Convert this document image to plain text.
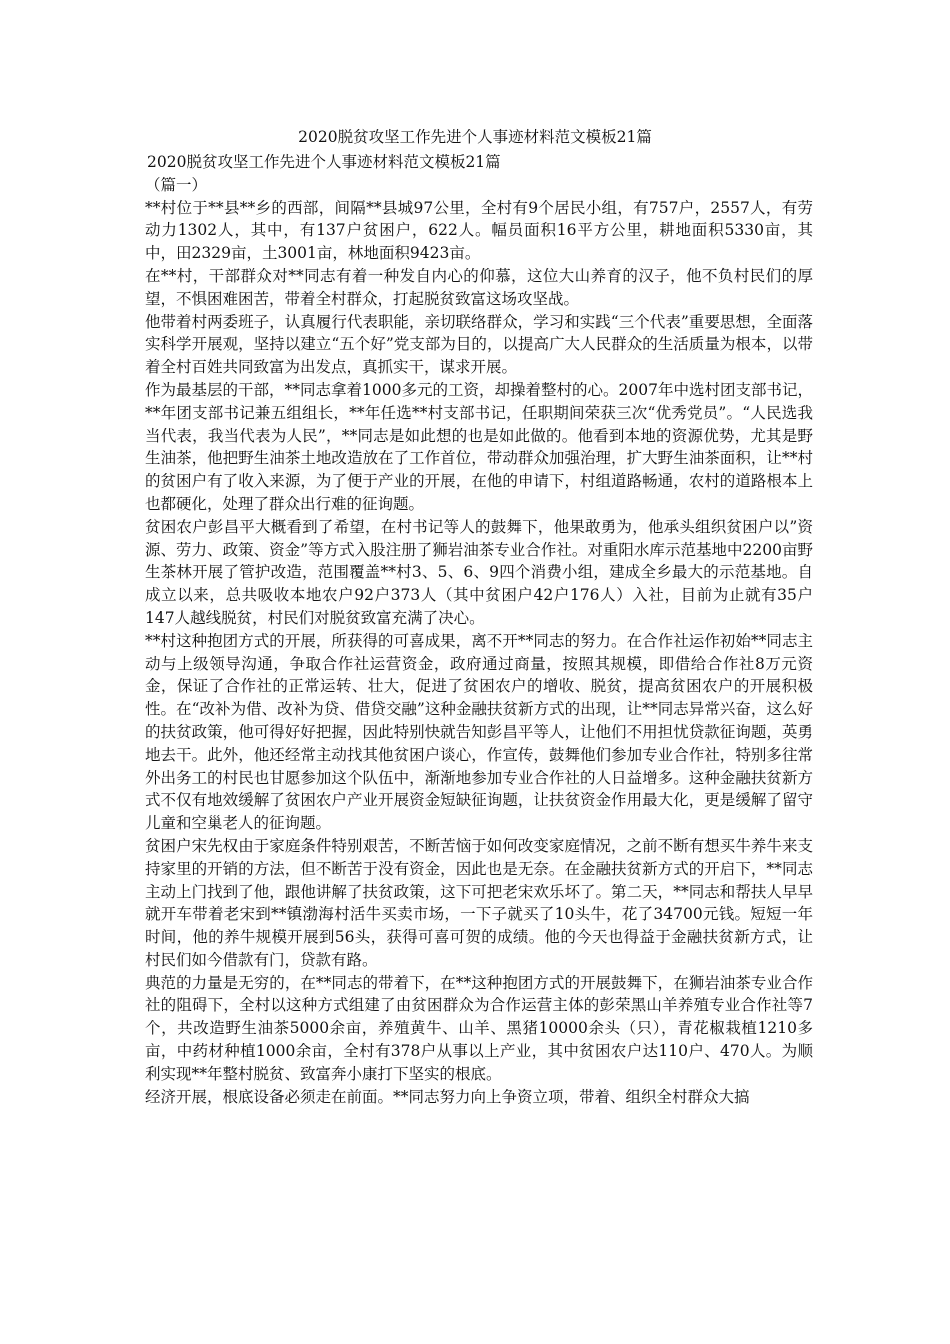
2020脱贫攻坚工作先进个人事迹材料范文模板21篇

2020脱贫攻坚工作先进个人事迹材料范文模板21篇

（篇一）

**村位于**县**乡的西部，间隔**县城97公里，全村有9个居民小组，有757户，2557人，有劳动力1302人，其中，有137户贫困户，622人。幅员面积16平方公里，耕地面积5330亩，其中，田2329亩，土3001亩，林地面积9423亩。

在**村，干部群众对**同志有着一种发自内心的仰慕，这位大山养育的汉子，他不负村民们的厚望，不惧困难困苦，带着全村群众，打起脱贫致富这场攻坚战。

他带着村两委班子，认真履行代表职能，亲切联络群众，学习和实践“三个代表”重要思想，全面落实科学开展观，坚持以建立“五个好”党支部为目的，以提高广大人民群众的生活质量为根本，以带着全村百姓共同致富为出发点，真抓实干，谋求开展。

作为最基层的干部，**同志拿着1000多元的工资，却操着整村的心。2007年中选村团支部书记，**年团支部书记兼五组组长，**年任选**村支部书记，任职期间荣获三次“优秀党员”。“人民选我当代表，我当代表为人民”，**同志是如此想的也是如此做的。他看到本地的资源优势，尤其是野生油茶，他把野生油茶土地改造放在了工作首位，带动群众加强治理，扩大野生油茶面积，让**村的贫困户有了收入来源，为了便于产业的开展，在他的申请下，村组道路畅通，农村的道路根本上也都硬化，处理了群众出行难的征询题。

贫困农户彭昌平大概看到了希望，在村书记等人的鼓舞下，他果敢勇为，他承头组织贫困户以”资源、劳力、政策、资金”等方式入股注册了狮岩油茶专业合作社。对重阳水库示范基地中2200亩野生茶林开展了管护改造，范围覆盖**村3、5、6、9四个消费小组，建成全乡最大的示范基地。自成立以来，总共吸收本地农户92户373人（其中贫困户42户176人）入社，目前为止就有35户147人越线脱贫，村民们对脱贫致富充满了决心。

**村这种抱团方式的开展，所获得的可喜成果，离不开**同志的努力。在合作社运作初始**同志主动与上级领导沟通，争取合作社运营资金，政府通过商量，按照其规模，即借给合作社8万元资金，保证了合作社的正常运转、壮大，促进了贫困农户的增收、脱贫，提高贫困农户的开展积极性。在“改补为借、改补为贷、借贷交融”这种金融扶贫新方式的出现，让**同志异常兴奋，这么好的扶贫政策，他可得好好把握，因此特别快就告知彭昌平等人，让他们不用担忧贷款征询题，英勇地去干。此外，他还经常主动找其他贫困户谈心，作宣传，鼓舞他们参加专业合作社，特别多往常外出务工的村民也甘愿参加这个队伍中，渐渐地参加专业合作社的人日益增多。这种金融扶贫新方式不仅有地效缓解了贫困农户产业开展资金短缺征询题，让扶贫资金作用最大化，更是缓解了留守儿童和空巢老人的征询题。

贫困户宋先权由于家庭条件特别艰苦，不断苦恼于如何改变家庭情况，之前不断有想买牛养牛来支持家里的开销的方法，但不断苦于没有资金，因此也是无奈。在金融扶贫新方式的开启下，**同志主动上门找到了他，跟他讲解了扶贫政策，这下可把老宋欢乐坏了。第二天，**同志和帮扶人早早就开车带着老宋到**镇渤海村活牛买卖市场，一下子就买了10头牛，花了34700元钱。短短一年时间，他的养牛规模开展到56头，获得可喜可贺的成绩。他的今天也得益于金融扶贫新方式，让村民们如今借款有门，贷款有路。

典范的力量是无穷的，在**同志的带着下，在**这种抱团方式的开展鼓舞下，在狮岩油茶专业合作社的阻碍下，全村以这种方式组建了由贫困群众为合作运营主体的彭荣黑山羊养殖专业合作社等7个，共改造野生油茶5000余亩，养殖黄牛、山羊、黑猪10000余头（只），青花椒栽植1210多亩，中药材种植1000余亩，全村有378户从事以上产业，其中贫困农户达110户、470人。为顺利实现**年整村脱贫、致富奔小康打下坚实的根底。

经济开展，根底设备必须走在前面。**同志努力向上争资立项，带着、组织全村群众大搞
